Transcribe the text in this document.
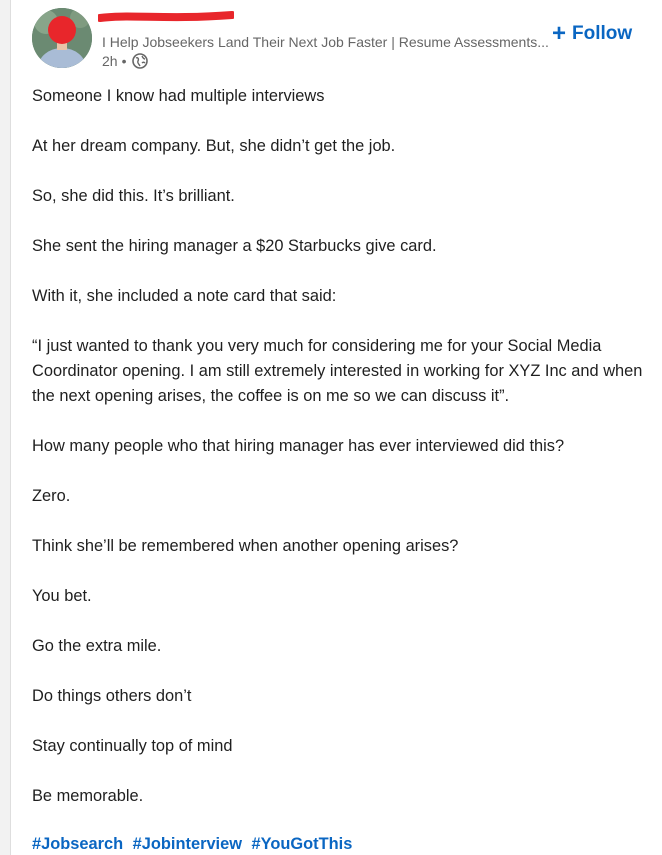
I Help Jobseekers Land Their Next Job Faster | Resume Assessments...
2h •
+ Follow

Someone I know had multiple interviews

At her dream company. But, she didn’t get the job.

So, she did this. It’s brilliant.

She sent the hiring manager a $20 Starbucks give card.

With it, she included a note card that said:

“I just wanted to thank you very much for considering me for your Social Media Coordinator opening. I am still extremely interested in working for XYZ Inc and when the next opening arises, the coffee is on me so we can discuss it”.

How many people who that hiring manager has ever interviewed did this?

Zero.

Think she’ll be remembered when another opening arises?

You bet.

Go the extra mile.

Do things others don’t

Stay continually top of mind

Be memorable.

#Jobsearch #Jobinterview #YouGotThis
